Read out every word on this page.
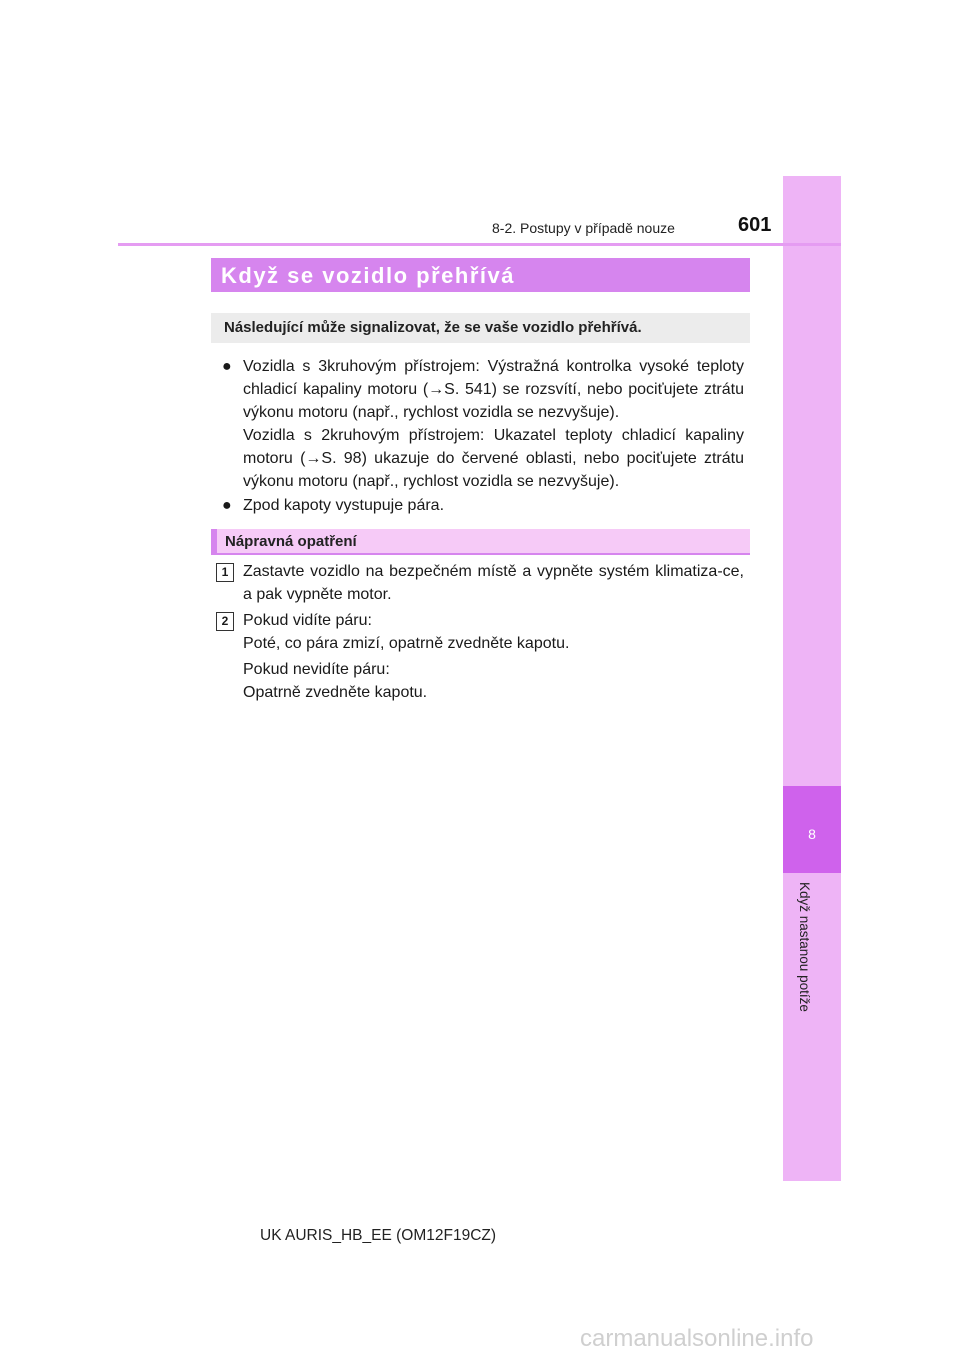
8
Když nastanou potíže
8-2. Postupy v případě nouze	601
Když se vozidlo přehřívá
Následující může signalizovat, že se vaše vozidlo přehřívá.
● Vozidla s 3kruhovým přístrojem: Výstražná kontrolka vysoké teploty chladicí kapaliny motoru (→S. 541) se rozsvítí, nebo pociťujete ztrátu výkonu motoru (např., rychlost vozidla se nezvyšuje).
Vozidla s 2kruhovým přístrojem: Ukazatel teploty chladicí kapaliny motoru (→S. 98) ukazuje do červené oblasti, nebo pociťujete ztrátu výkonu motoru (např., rychlost vozidla se nezvyšuje).
● Zpod kapoty vystupuje pára.
Nápravná opatření
1 Zastavte vozidlo na bezpečném místě a vypněte systém klimatiza-ce, a pak vypněte motor.
2 Pokud vidíte páru:
Poté, co pára zmizí, opatrně zvedněte kapotu.
Pokud nevidíte páru:
Opatrně zvedněte kapotu.
UK AURIS_HB_EE (OM12F19CZ)
carmanualsonline.info
